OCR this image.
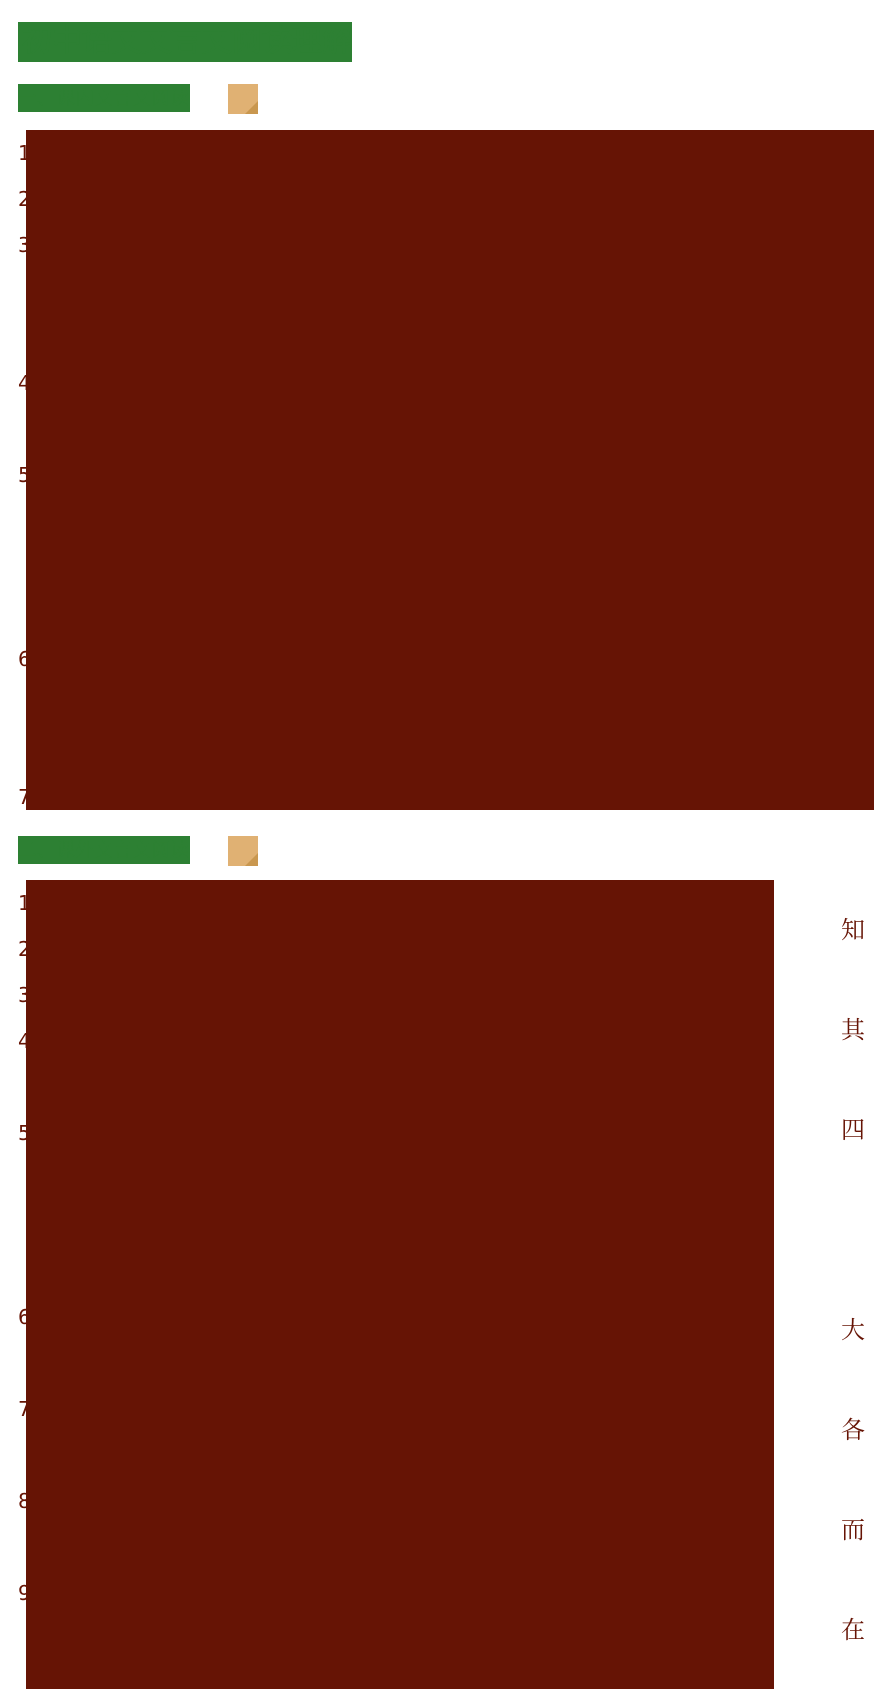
初中语文文言文阅读理解
一、课内文言文阅读
1
2
3
4
5
6
7
二、课外文言文阅读
1
2
3
4
5
6
7
8
9
知
其
四
大
各
而
在
